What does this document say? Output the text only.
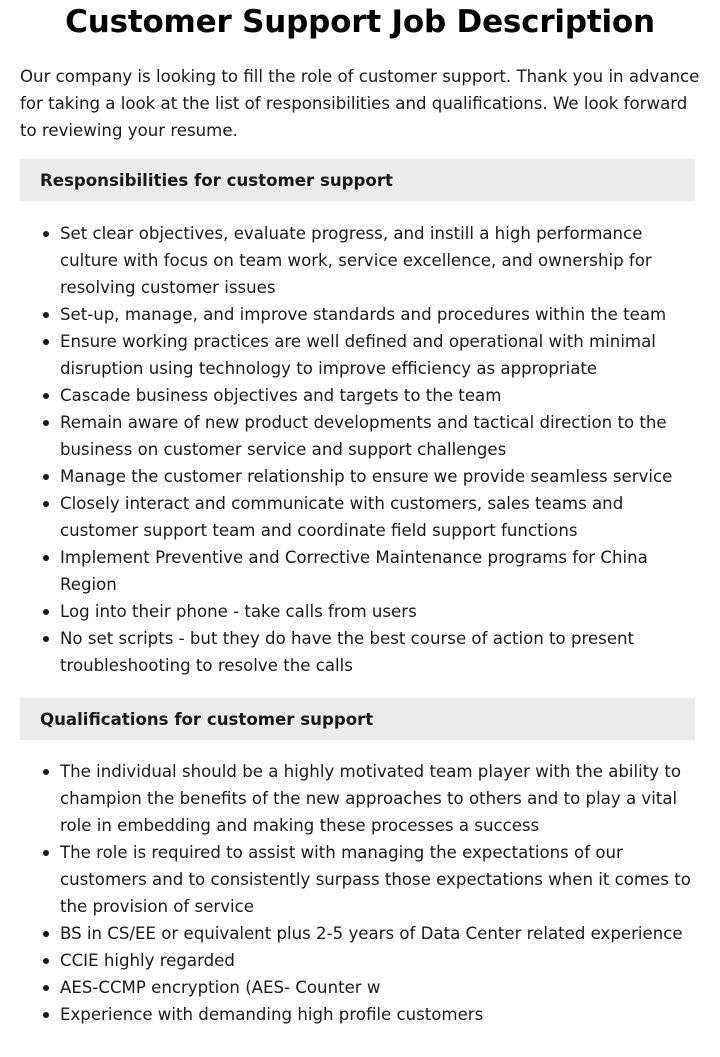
Customer Support Job Description

Our company is looking to fill the role of customer support. Thank you in advance for taking a look at the list of responsibilities and qualifications. We look forward to reviewing your resume.

Responsibilities for customer support
Set clear objectives, evaluate progress, and instill a high performance culture with focus on team work, service excellence, and ownership for resolving customer issues
Set-up, manage, and improve standards and procedures within the team
Ensure working practices are well defined and operational with minimal disruption using technology to improve efficiency as appropriate
Cascade business objectives and targets to the team
Remain aware of new product developments and tactical direction to the business on customer service and support challenges
Manage the customer relationship to ensure we provide seamless service
Closely interact and communicate with customers, sales teams and customer support team and coordinate field support functions
Implement Preventive and Corrective Maintenance programs for China Region
Log into their phone - take calls from users
No set scripts - but they do have the best course of action to present troubleshooting to resolve the calls
Qualifications for customer support
The individual should be a highly motivated team player with the ability to champion the benefits of the new approaches to others and to play a vital role in embedding and making these processes a success
The role is required to assist with managing the expectations of our customers and to consistently surpass those expectations when it comes to the provision of service
BS in CS/EE or equivalent plus 2-5 years of Data Center related experience
CCIE highly regarded
AES-CCMP encryption (AES- Counter w
Experience with demanding high profile customers
